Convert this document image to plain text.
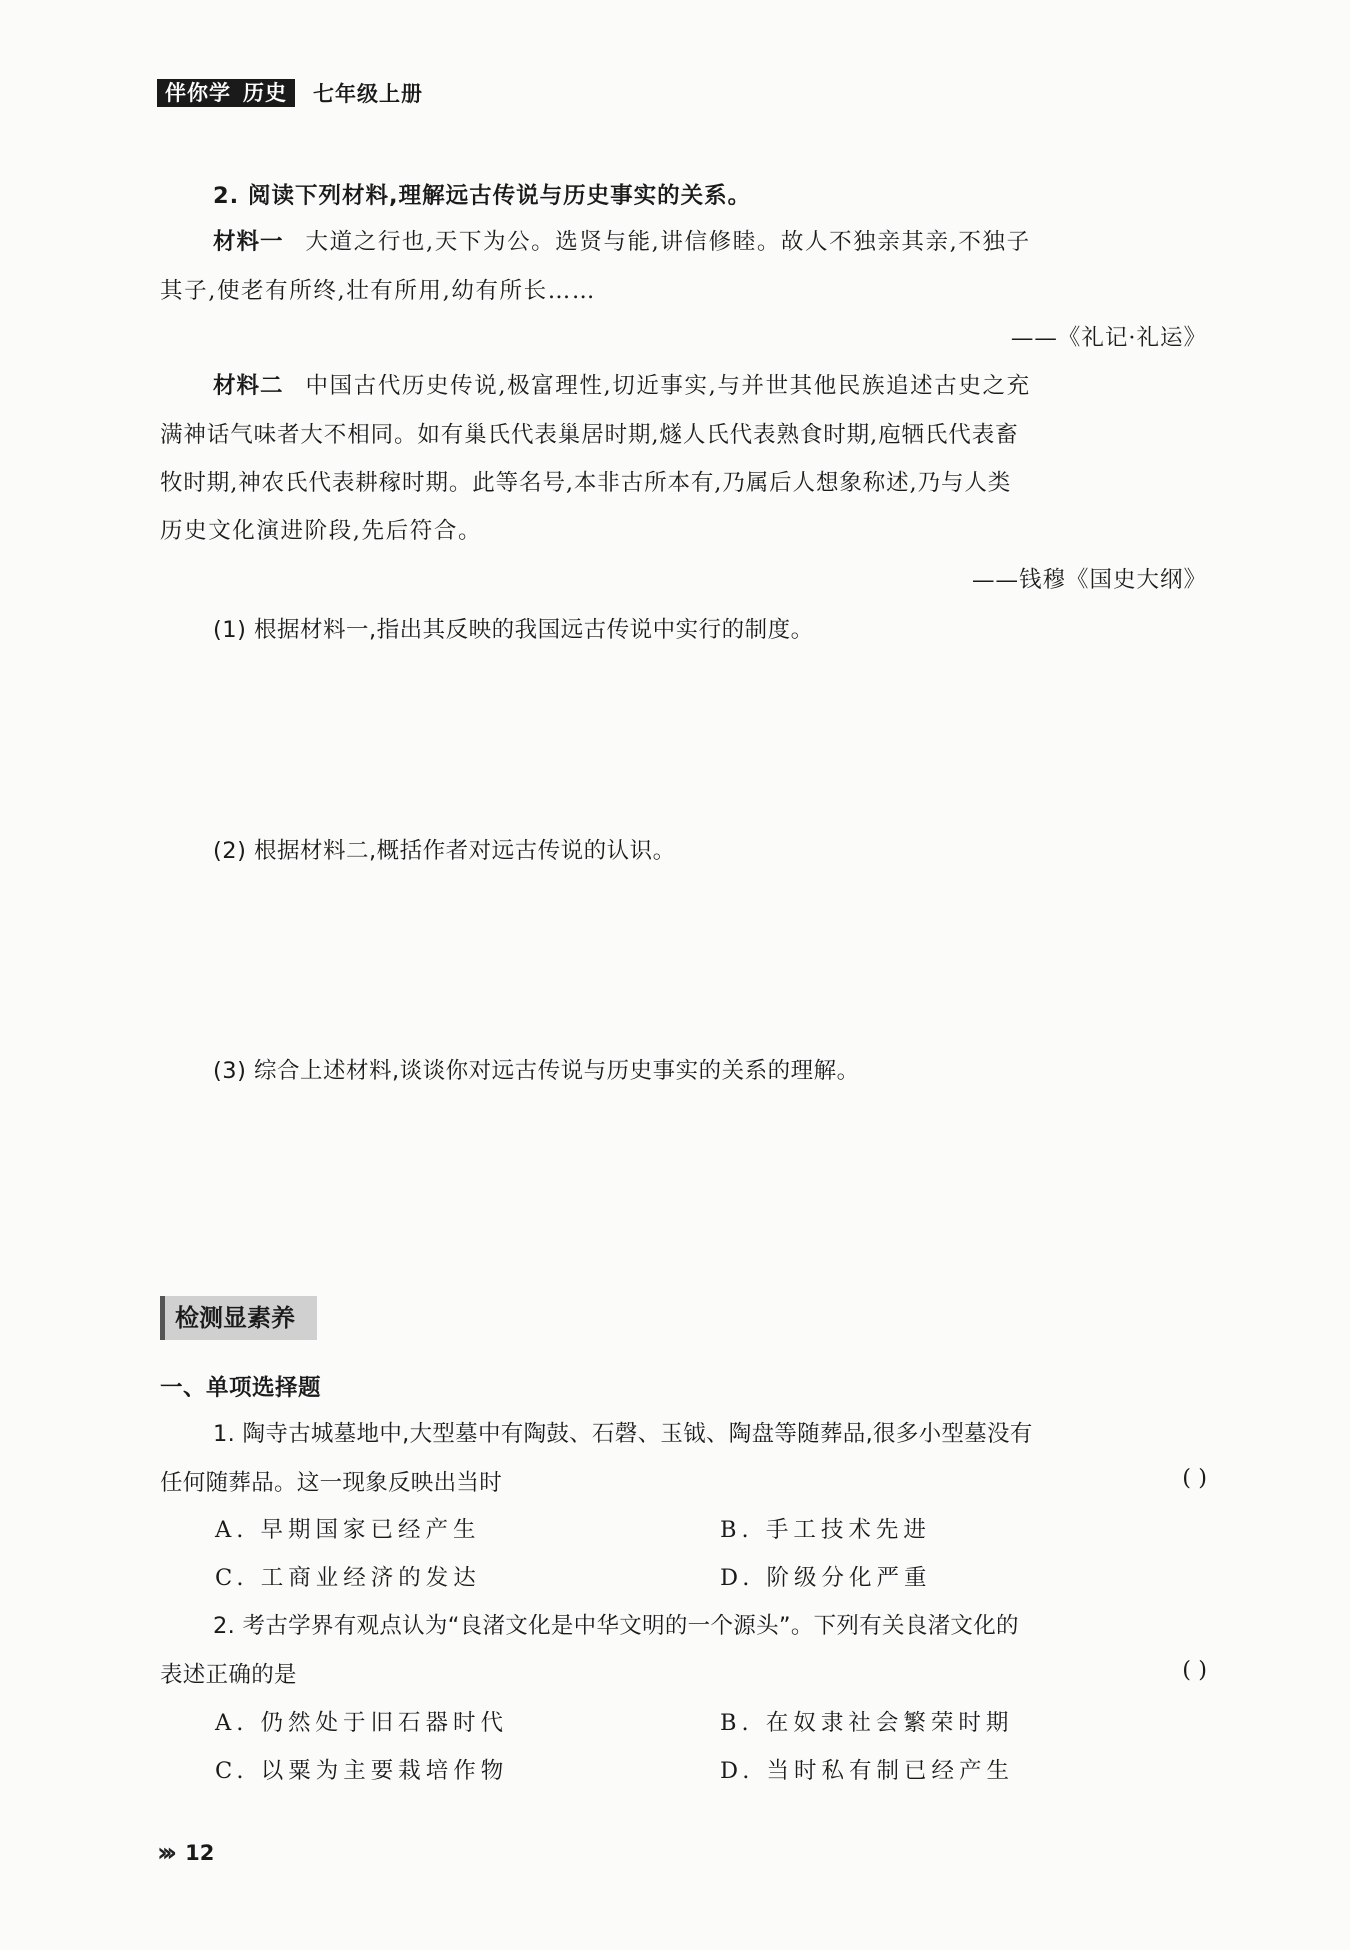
伴你学 历史	七年级上册
2. 阅读下列材料,理解远古传说与历史事实的关系。
材料一 大道之行也,天下为公。选贤与能,讲信修睦。故人不独亲其亲,不独子
其子,使老有所终,壮有所用,幼有所长……
——《礼记·礼运》
材料二 中国古代历史传说,极富理性,切近事实,与并世其他民族追述古史之充
满神话气味者大不相同。如有巢氏代表巢居时期,燧人氏代表熟食时期,庖牺氏代表畜
牧时期,神农氏代表耕稼时期。此等名号,本非古所本有,乃属后人想象称述,乃与人类
历史文化演进阶段,先后符合。
——钱穆《国史大纲》
(1) 根据材料一,指出其反映的我国远古传说中实行的制度。
(2) 根据材料二,概括作者对远古传说的认识。
(3) 综合上述材料,谈谈你对远古传说与历史事实的关系的理解。
检测显素养
一、单项选择题
1. 陶寺古城墓地中,大型墓中有陶鼓、石磬、玉钺、陶盘等随葬品,很多小型墓没有
任何随葬品。这一现象反映出当时	( )
A. 早期国家已经产生	B. 手工技术先进
C. 工商业经济的发达	D. 阶级分化严重
2. 考古学界有观点认为“良渚文化是中华文明的一个源头”。下列有关良渚文化的
表述正确的是	( )
A. 仍然处于旧石器时代	B. 在奴隶社会繁荣时期
C. 以粟为主要栽培作物	D. 当时私有制已经产生
››› 12
